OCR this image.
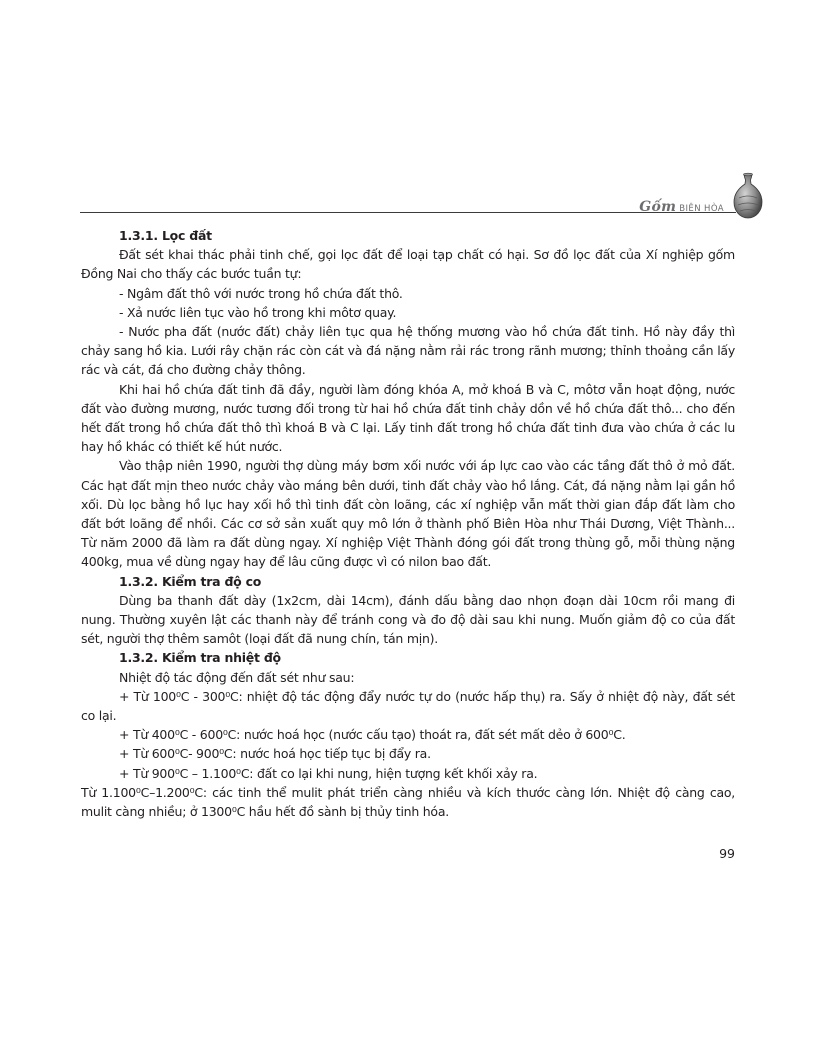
Gốm BIÊN HÒA

1.3.1. Lọc đất

Đất sét khai thác phải tinh chế, gọi lọc đất để loại tạp chất có hại. Sơ đồ lọc đất của Xí nghiệp gốm Đồng Nai cho thấy các bước tuần tự:

- Ngâm đất thô với nước trong hồ chứa đất thô.

- Xả nước liên tục vào hồ trong khi môtơ quay.

- Nước pha đất (nước đất) chảy liên tục qua hệ thống mương vào hồ chứa đất tinh. Hồ này đầy thì chảy sang hồ kia. Lưới rây chặn rác còn cát và đá nặng nằm rải rác trong rãnh mương; thỉnh thoảng cần lấy rác và cát, đá cho đường chảy thông.

Khi hai hồ chứa đất tinh đã đầy, người làm đóng khóa A, mở khoá B và C, môtơ vẫn hoạt động, nước đất vào đường mương, nước tương đối trong từ hai hồ chứa đất tinh chảy dồn về hồ chứa đất thô... cho đến hết đất trong hồ chứa đất thô thì khoá B và C lại. Lấy tinh đất trong hồ chứa đất tinh đưa vào chứa ở các lu hay hồ khác có thiết kế hút nước.

Vào thập niên 1990, người thợ dùng máy bơm xối nước với áp lực cao vào các tầng đất thô ở mỏ đất. Các hạt đất mịn theo nước chảy vào máng bên dưới, tinh đất chảy vào hồ lắng. Cát, đá nặng nằm lại gần hồ xối. Dù lọc bằng hồ lục hay xối hồ thì tinh đất còn loãng, các xí nghiệp vẫn mất thời gian đắp đất làm cho đất bớt loãng để nhồi. Các cơ sở sản xuất quy mô lớn ở thành phố Biên Hòa như Thái Dương, Việt Thành... Từ năm 2000 đã làm ra đất dùng ngay. Xí nghiệp Việt Thành đóng gói đất trong thùng gỗ, mỗi thùng nặng 400kg, mua về dùng ngay hay để lâu cũng được vì có nilon bao đất.

1.3.2. Kiểm tra độ co

Dùng ba thanh đất dày (1x2cm, dài 14cm), đánh dấu bằng dao nhọn đoạn dài 10cm rồi mang đi nung. Thường xuyên lật các thanh này để tránh cong và đo độ dài sau khi nung. Muốn giảm độ co của đất sét, người thợ thêm samôt (loại đất đã nung chín, tán mịn).

1.3.2. Kiểm tra nhiệt độ

Nhiệt độ tác động đến đất sét như sau:

+ Từ 100⁰C - 300⁰C: nhiệt độ tác động đẩy nước tự do (nước hấp thụ) ra. Sấy ở nhiệt độ này, đất sét co lại.

+ Từ 400⁰C - 600⁰C: nước hoá học (nước cấu tạo) thoát ra, đất sét mất dẻo ở 600⁰C.

+ Từ 600⁰C- 900⁰C: nước hoá học tiếp tục bị đẩy ra.

+ Từ 900⁰C – 1.100⁰C: đất co lại khi nung, hiện tượng kết khối xảy ra.

Từ 1.100⁰C–1.200⁰C: các tinh thể mulit phát triển càng nhiều và kích thước càng lớn. Nhiệt độ càng cao, mulit càng nhiều; ở 1300⁰C hầu hết đồ sành bị thủy tinh hóa.

99
